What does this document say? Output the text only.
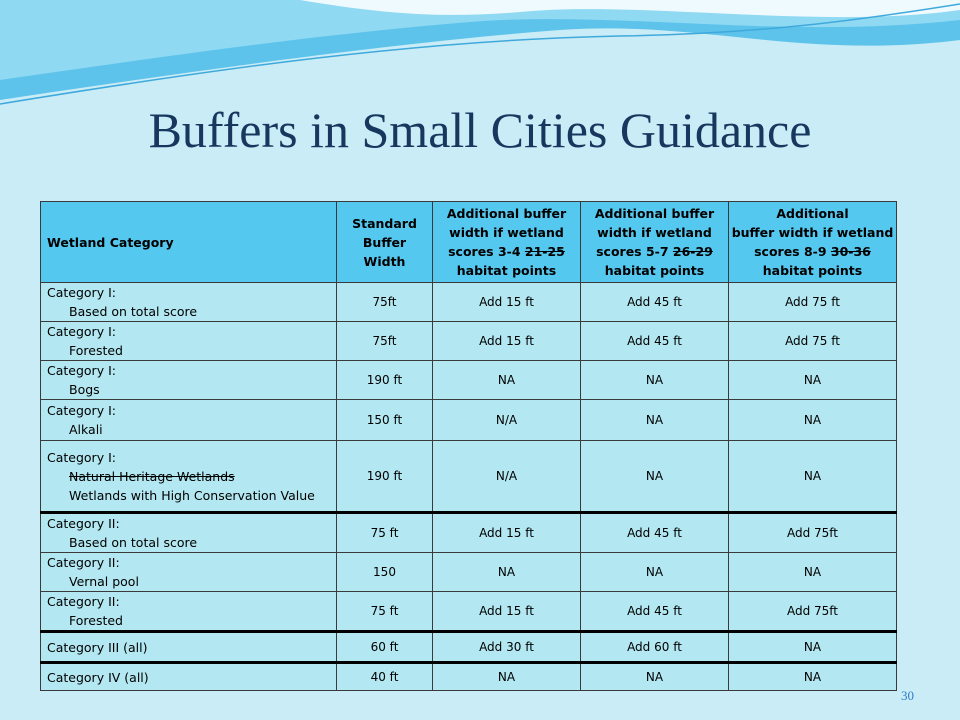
Buffers in Small Cities Guidance
Wetland Category	Standard
Buffer
Width	Additional buffer
width if wetland
scores 3-4 21-25
habitat points	Additional buffer
width if wetland
scores 5-7 26-29
habitat points	Additional
buffer width if wetland
scores 8-9 30-36
habitat points
Category I:
Based on total score	75ft	Add 15 ft	Add 45 ft	Add 75 ft
Category I:
Forested	75ft	Add 15 ft	Add 45 ft	Add 75 ft
Category I:
Bogs	190 ft	NA	NA	NA
Category I:
Alkali	150 ft	N/A	NA	NA
Category I:
Natural Heritage Wetlands
Wetlands with High Conservation Value	190 ft	N/A	NA	NA
Category II:
Based on total score	75 ft	Add 15 ft	Add 45 ft	Add 75ft
Category II:
Vernal pool	150	NA	NA	NA
Category II:
Forested	75 ft	Add 15 ft	Add 45 ft	Add 75ft
Category III (all)	60 ft	Add 30 ft	Add 60 ft	NA
Category IV (all)	40 ft	NA	NA	NA
30
